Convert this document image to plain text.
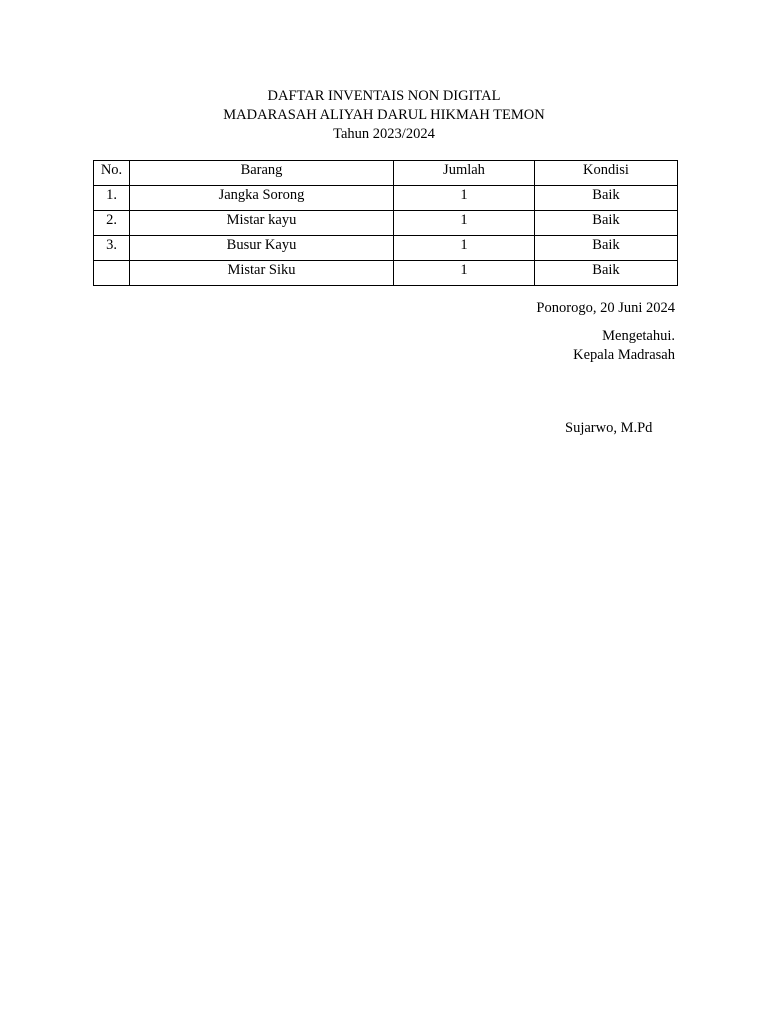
DAFTAR INVENTAIS NON DIGITAL
MADARASAH ALIYAH DARUL HIKMAH TEMON
Tahun 2023/2024
No.	Barang	Jumlah	Kondisi
1.	Jangka Sorong	1	Baik
2.	Mistar kayu	1	Baik
3.	Busur Kayu	1	Baik
	Mistar Siku	1	Baik
Ponorogo, 20 Juni 2024
Mengetahui.
Kepala Madrasah
Sujarwo, M.Pd
